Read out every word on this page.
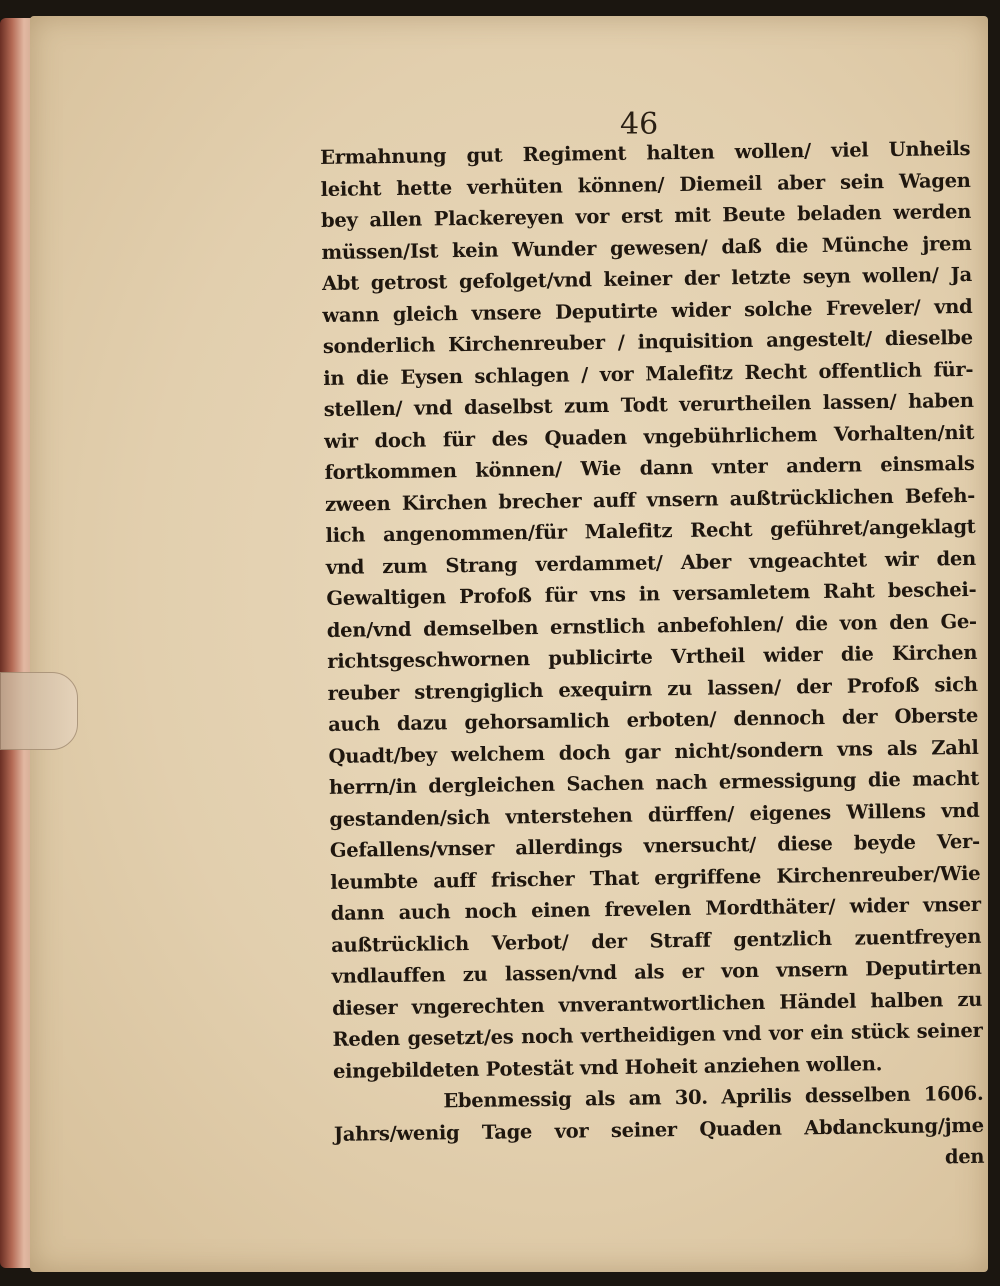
46
Ermahnung gut Regiment halten wollen/ viel Unheils
leicht hette verhüten können/ Diemeil aber sein Wagen
bey allen Plackereyen vor erst mit Beute beladen werden
müssen/Ist kein Wunder gewesen/ daß die Münche jrem
Abt getrost gefolget/vnd keiner der letzte seyn wollen/ Ja
wann gleich vnsere Deputirte wider solche Freveler/ vnd
sonderlich Kirchenreuber / inquisition angestelt/ dieselbe
in die Eysen schlagen / vor Malefitz Recht offentlich für-
stellen/ vnd daselbst zum Todt verurtheilen lassen/ haben
wir doch für des Quaden vngebührlichem Vorhalten/nit
fortkommen können/ Wie dann vnter andern einsmals
zween Kirchen brecher auff vnsern außtrücklichen Befeh-
lich angenommen/für Malefitz Recht geführet/angeklagt
vnd zum Strang verdammet/ Aber vngeachtet wir den
Gewaltigen Profoß für vns in versamletem Raht beschei-
den/vnd demselben ernstlich anbefohlen/ die von den Ge-
richtsgeschwornen publicirte Vrtheil wider die Kirchen
reuber strengiglich exequirn zu lassen/ der Profoß sich
auch dazu gehorsamlich erboten/ dennoch der Oberste
Quadt/bey welchem doch gar nicht/sondern vns als Zahl
herrn/in dergleichen Sachen nach ermessigung die macht
gestanden/sich vnterstehen dürffen/ eigenes Willens vnd
Gefallens/vnser allerdings vnersucht/ diese beyde Ver-
leumbte auff frischer That ergriffene Kirchenreuber/Wie
dann auch noch einen frevelen Mordthäter/ wider vnser
außtrücklich Verbot/ der Straff gentzlich zuentfreyen
vndlauffen zu lassen/vnd als er von vnsern Deputirten
dieser vngerechten vnverantwortlichen Händel halben zu
Reden gesetzt/es noch vertheidigen vnd vor ein stück seiner
eingebildeten Potestät vnd Hoheit anziehen wollen.
Ebenmessig als am 30. Aprilis desselben 1606.
Jahrs/wenig Tage vor seiner Quaden Abdanckung/jme
den
